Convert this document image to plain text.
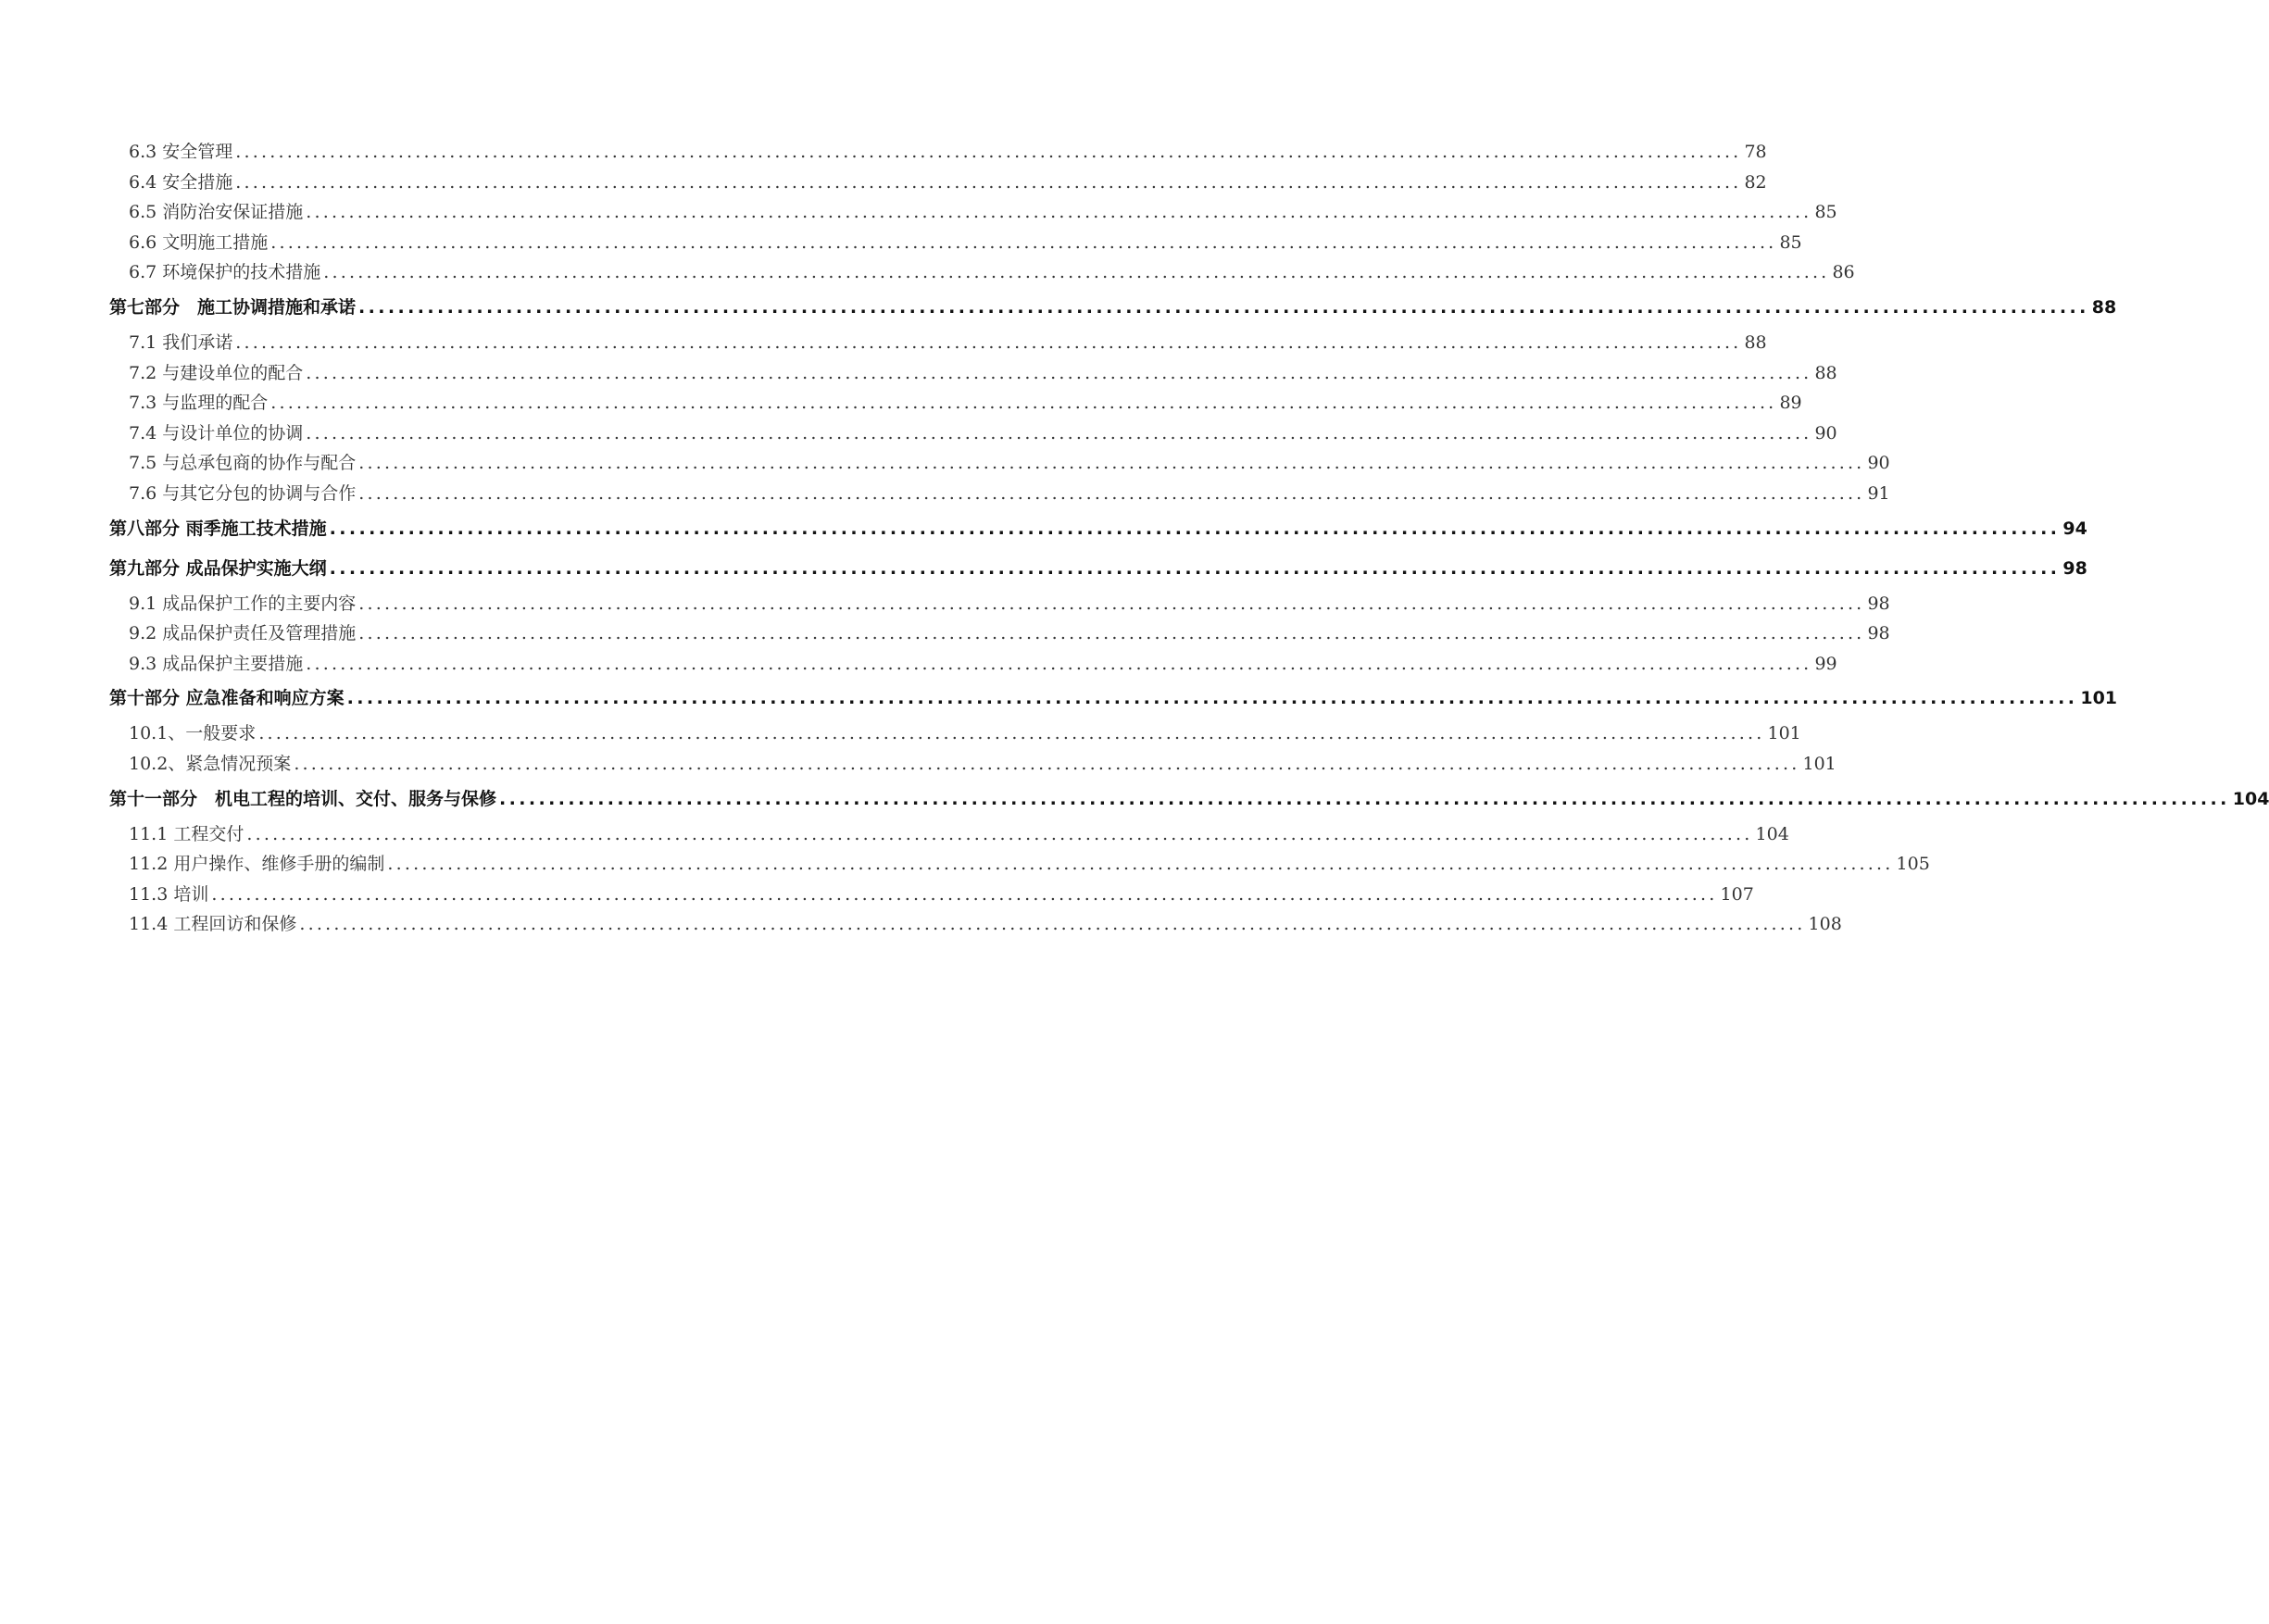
6.3 安全管理 ................................................................................................................................................................................ 78
6.4 安全措施 ................................................................................................................................................................................ 82
6.5 消防治安保证措施 ................................................................................................................................................................................ 85
6.6 文明施工措施 ................................................................................................................................................................................ 85
6.7 环境保护的技术措施 ................................................................................................................................................................................ 86
第七部分　施工协调措施和承诺 ................................................................................................................................................................................ 88
7.1 我们承诺 ................................................................................................................................................................................ 88
7.2 与建设单位的配合 ................................................................................................................................................................................ 88
7.3 与监理的配合 ................................................................................................................................................................................ 89
7.4 与设计单位的协调 ................................................................................................................................................................................ 90
7.5 与总承包商的协作与配合 ................................................................................................................................................................................ 90
7.6 与其它分包的协调与合作 ................................................................................................................................................................................ 91
第八部分 雨季施工技术措施 ................................................................................................................................................................................ 94
第九部分 成品保护实施大纲 ................................................................................................................................................................................ 98
9.1 成品保护工作的主要内容 ................................................................................................................................................................................ 98
9.2 成品保护责任及管理措施 ................................................................................................................................................................................ 98
9.3 成品保护主要措施 ................................................................................................................................................................................ 99
第十部分 应急准备和响应方案 ................................................................................................................................................................................ 101
10.1、一般要求 ................................................................................................................................................................................ 101
10.2、紧急情况预案 ................................................................................................................................................................................ 101
第十一部分　机电工程的培训、交付、服务与保修 ................................................................................................................................................................................ 104
11.1 工程交付 ................................................................................................................................................................................ 104
11.2 用户操作、维修手册的编制 ................................................................................................................................................................................ 105
11.3 培训 ................................................................................................................................................................................ 107
11.4 工程回访和保修 ................................................................................................................................................................................ 108
